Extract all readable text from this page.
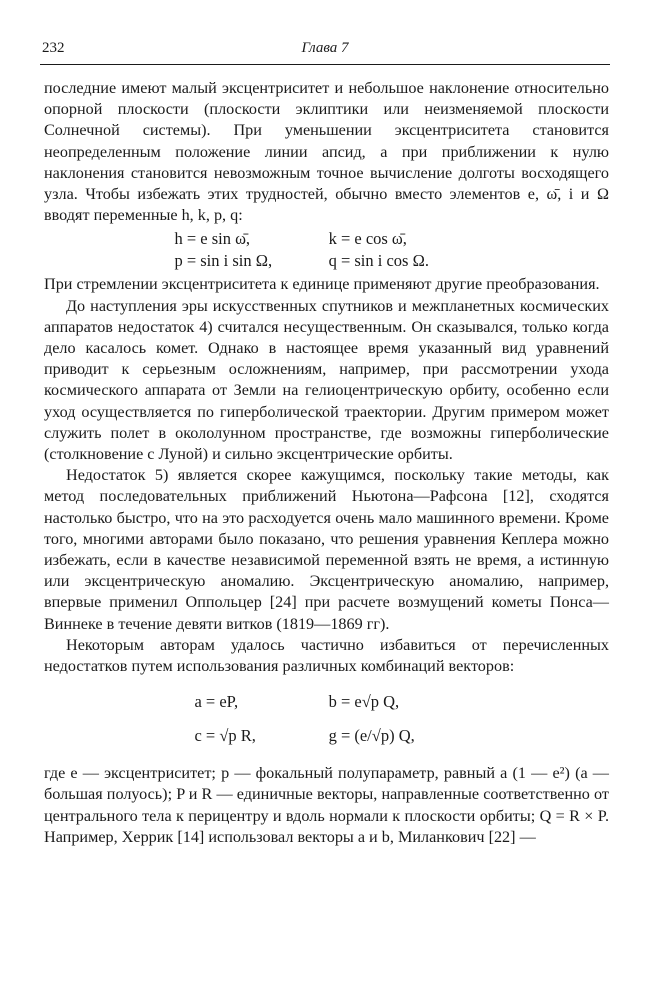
232	Глава 7

последние имеют малый эксцентриситет и небольшое наклонение относительно опорной плоскости (плоскости эклиптики или неизменяемой плоскости Солнечной системы). При уменьшении эксцентриситета становится неопределенным положение линии апсид, а при приближении к нулю наклонения становится невозможным точное вычисление долготы восходящего узла. Чтобы избежать этих трудностей, обычно вместо элементов e, ω̄, i и Ω вводят переменные h, k, p, q:

h = e sin ω̄,	k = e cos ω̄,
p = sin i sin Ω,	q = sin i cos Ω.

При стремлении эксцентриситета к единице применяют другие преобразования.

До наступления эры искусственных спутников и межпланетных космических аппаратов недостаток 4) считался несущественным. Он сказывался, только когда дело касалось комет. Однако в настоящее время указанный вид уравнений приводит к серьезным осложнениям, например, при рассмотрении ухода космического аппарата от Земли на гелиоцентрическую орбиту, особенно если уход осуществляется по гиперболической траектории. Другим примером может служить полет в окололунном пространстве, где возможны гиперболические (столкновение с Луной) и сильно эксцентрические орбиты.

Недостаток 5) является скорее кажущимся, поскольку такие методы, как метод последовательных приближений Ньютона—Рафсона [12], сходятся настолько быстро, что на это расходуется очень мало машинного времени. Кроме того, многими авторами было показано, что решения уравнения Кеплера можно избежать, если в качестве независимой переменной взять не время, а истинную или эксцентрическую аномалию. Эксцентрическую аномалию, например, впервые применил Оппольцер [24] при расчете возмущений кометы Понса—Виннеке в течение девяти витков (1819—1869 гг).

Некоторым авторам удалось частично избавиться от перечисленных недостатков путем использования различных комбинаций векторов:

a = eP,	b = e√p Q,
c = √p R,	g = (e/√p) Q,

где e — эксцентриситет; p — фокальный полупараметр, равный a (1 — e²) (a — большая полуось); P и R — единичные векторы, направленные соответственно от центрального тела к перицентру и вдоль нормали к плоскости орбиты; Q = R × P. Например, Херрик [14] использовал векторы a и b, Миланкович [22] —
